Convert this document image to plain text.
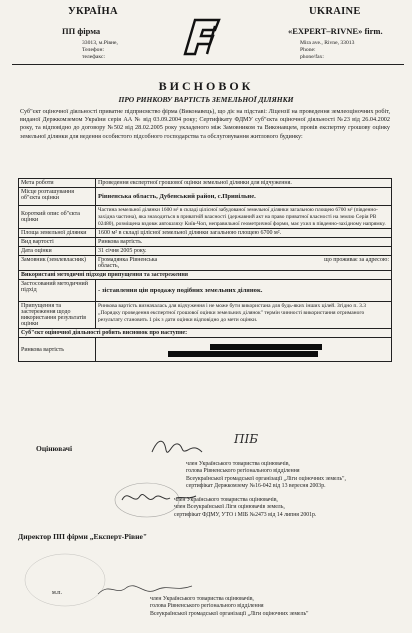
УКРАЇНА	UKRAINE
ПП фірма	«EXPERT–RIVNE» firm.
33013, м.Рівне,
Телефон:
телефакс:
Mira ave., Rivne, 33013
Phone:
phone/fax:
ВИСНОВОК
ПРО РИНКОВУ ВАРТІСТЬ ЗЕМЕЛЬНОЇ ДІЛЯНКИ
Суб"єкт оціночної діяльності приватне підприємство фірма (Виконавець), що діє на підставі: Ліцензії на проведення землеоціночних робіт, виданої Держкомземом України серія АА № від 03.09.2004 року; Сертифікату ФДМУ суб"єкта оціночної діяльності №23 від 26.04.2002 року, та відповідно до договору №502 від 28.02.2005 року укладеного між Замовником та Виконавцем, провів експертну грошову оцінку земельної ділянки для ведення особистого підсобного господарства та обслуговування житлового будинку:
Мета роботи	Проведення експертної грошової оцінки земельної ділянки для відчуження.
Місце розташування об"єкта оцінки	Рівненська область, Дубенський район, с.Привільне.
Короткий опис об"єкта оцінки	Частина земельної ділянки 1600 м² в складі цілісної забудованої земельної ділянки загальною площею 6700 м² (південно-західна частина), яка знаходиться в приватній власності (державний акт на право приватної власності на землю Серія РВ 02480), розміщена вздовж автошляху Київ-Чоп, неправильної геометричної форми, має ухил в південно-західному напрямку.
Площа земельної ділянки	1600 м² в складі цілісної земельної ділянки загальною площею 6700 м².
Вид вартості	Ринкова вартість.
Дата оцінки	31 січня 2005 року.
Замовник (землевласник)	Громадянка Рівненська область,
що проживає за адресою:

Використані методичні підходи припущення та застереження	
Застосований методичний підхід	- зіставлення цін продажу подібних земельних ділянок.
Припущення та застереження щодо використання результатів оцінки	Ринкова вартість визначалась для відчуження і не може бути використана для будь-яких інших цілей. Згідно п. 3.3 „Порядку проведення експертної грошової оцінки земельних ділянок" термін чинності використання отриманого результату становить 1 рік з дати оцінки відповідно до мети оцінки.
Суб"єкт оціночної діяльності робить висновок про наступне:	
Ринкова вартість	
Оцінювачі
ПІБ
член Українського товариства оцінювачів,
голова Рівненського регіонального відділення
Всеукраїнської громадської організації „Ліги оціночних земель",
сертифікат Держкомзему №16-042 від 13 вересня 2003р.
член Українського товариства оцінювачів,
член Всеукраїнської Ліги оцінювачів земель,
сертифікат ФДМУ, УТО і МІБ №2473 від 14 липня 2001р.
Директор ПП фірми „Експерт-Рівне"
м.п.
член Українського товариства оцінювачів,
голова Рівненського регіонального відділення
Всеукраїнської громадської організації „Ліги оціночних земель"
